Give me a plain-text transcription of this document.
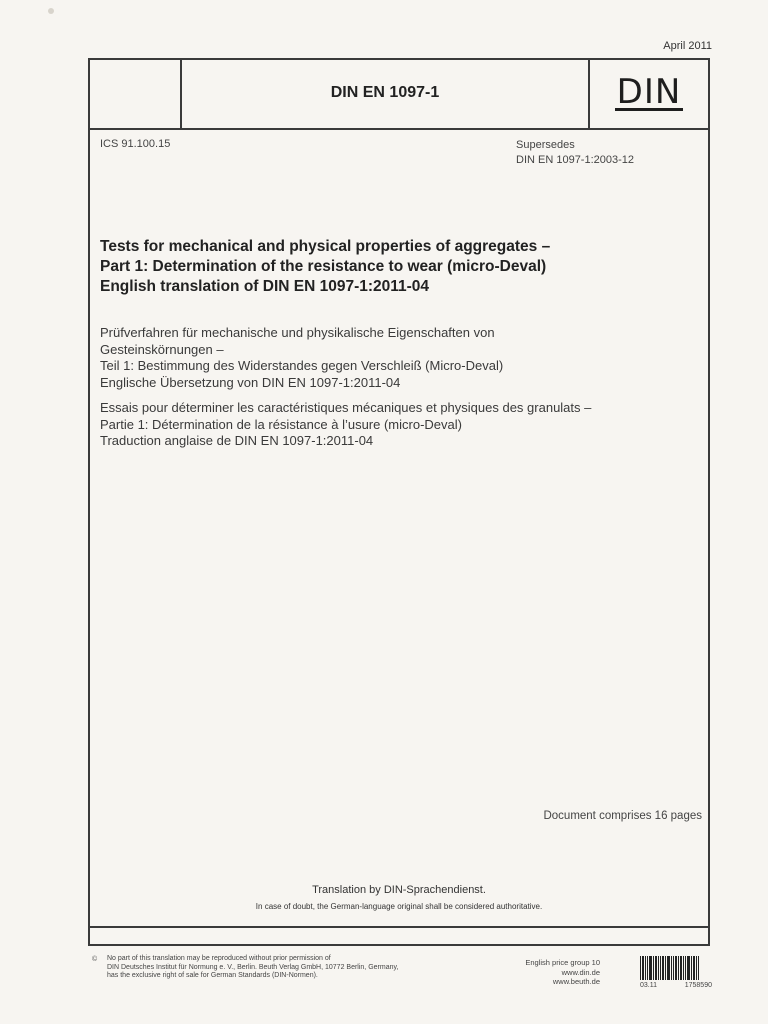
April 2011
DIN EN 1097-1	DIN
ICS 91.100.15	Supersedes
DIN EN 1097-1:2003-12
Tests for mechanical and physical properties of aggregates –
Part 1: Determination of the resistance to wear (micro-Deval)
English translation of DIN EN 1097-1:2011-04
Prüfverfahren für mechanische und physikalische Eigenschaften von
Gesteinskörnungen –
Teil 1: Bestimmung des Widerstandes gegen Verschleiß (Micro-Deval)
Englische Übersetzung von DIN EN 1097-1:2011-04
Essais pour déterminer les caractéristiques mécaniques et physiques des granulats –
Partie 1: Détermination de la résistance à l’usure (micro-Deval)
Traduction anglaise de DIN EN 1097-1:2011-04
Document comprises 16 pages
Translation by DIN-Sprachendienst.
In case of doubt, the German-language original shall be considered authoritative.
© No part of this translation may be reproduced without prior permission of
DIN Deutsches Institut für Normung e. V., Berlin. Beuth Verlag GmbH, 10772 Berlin, Germany,
has the exclusive right of sale for German Standards (DIN-Normen).
English price group 10
www.din.de
www.beuth.de	03.11	1758590
